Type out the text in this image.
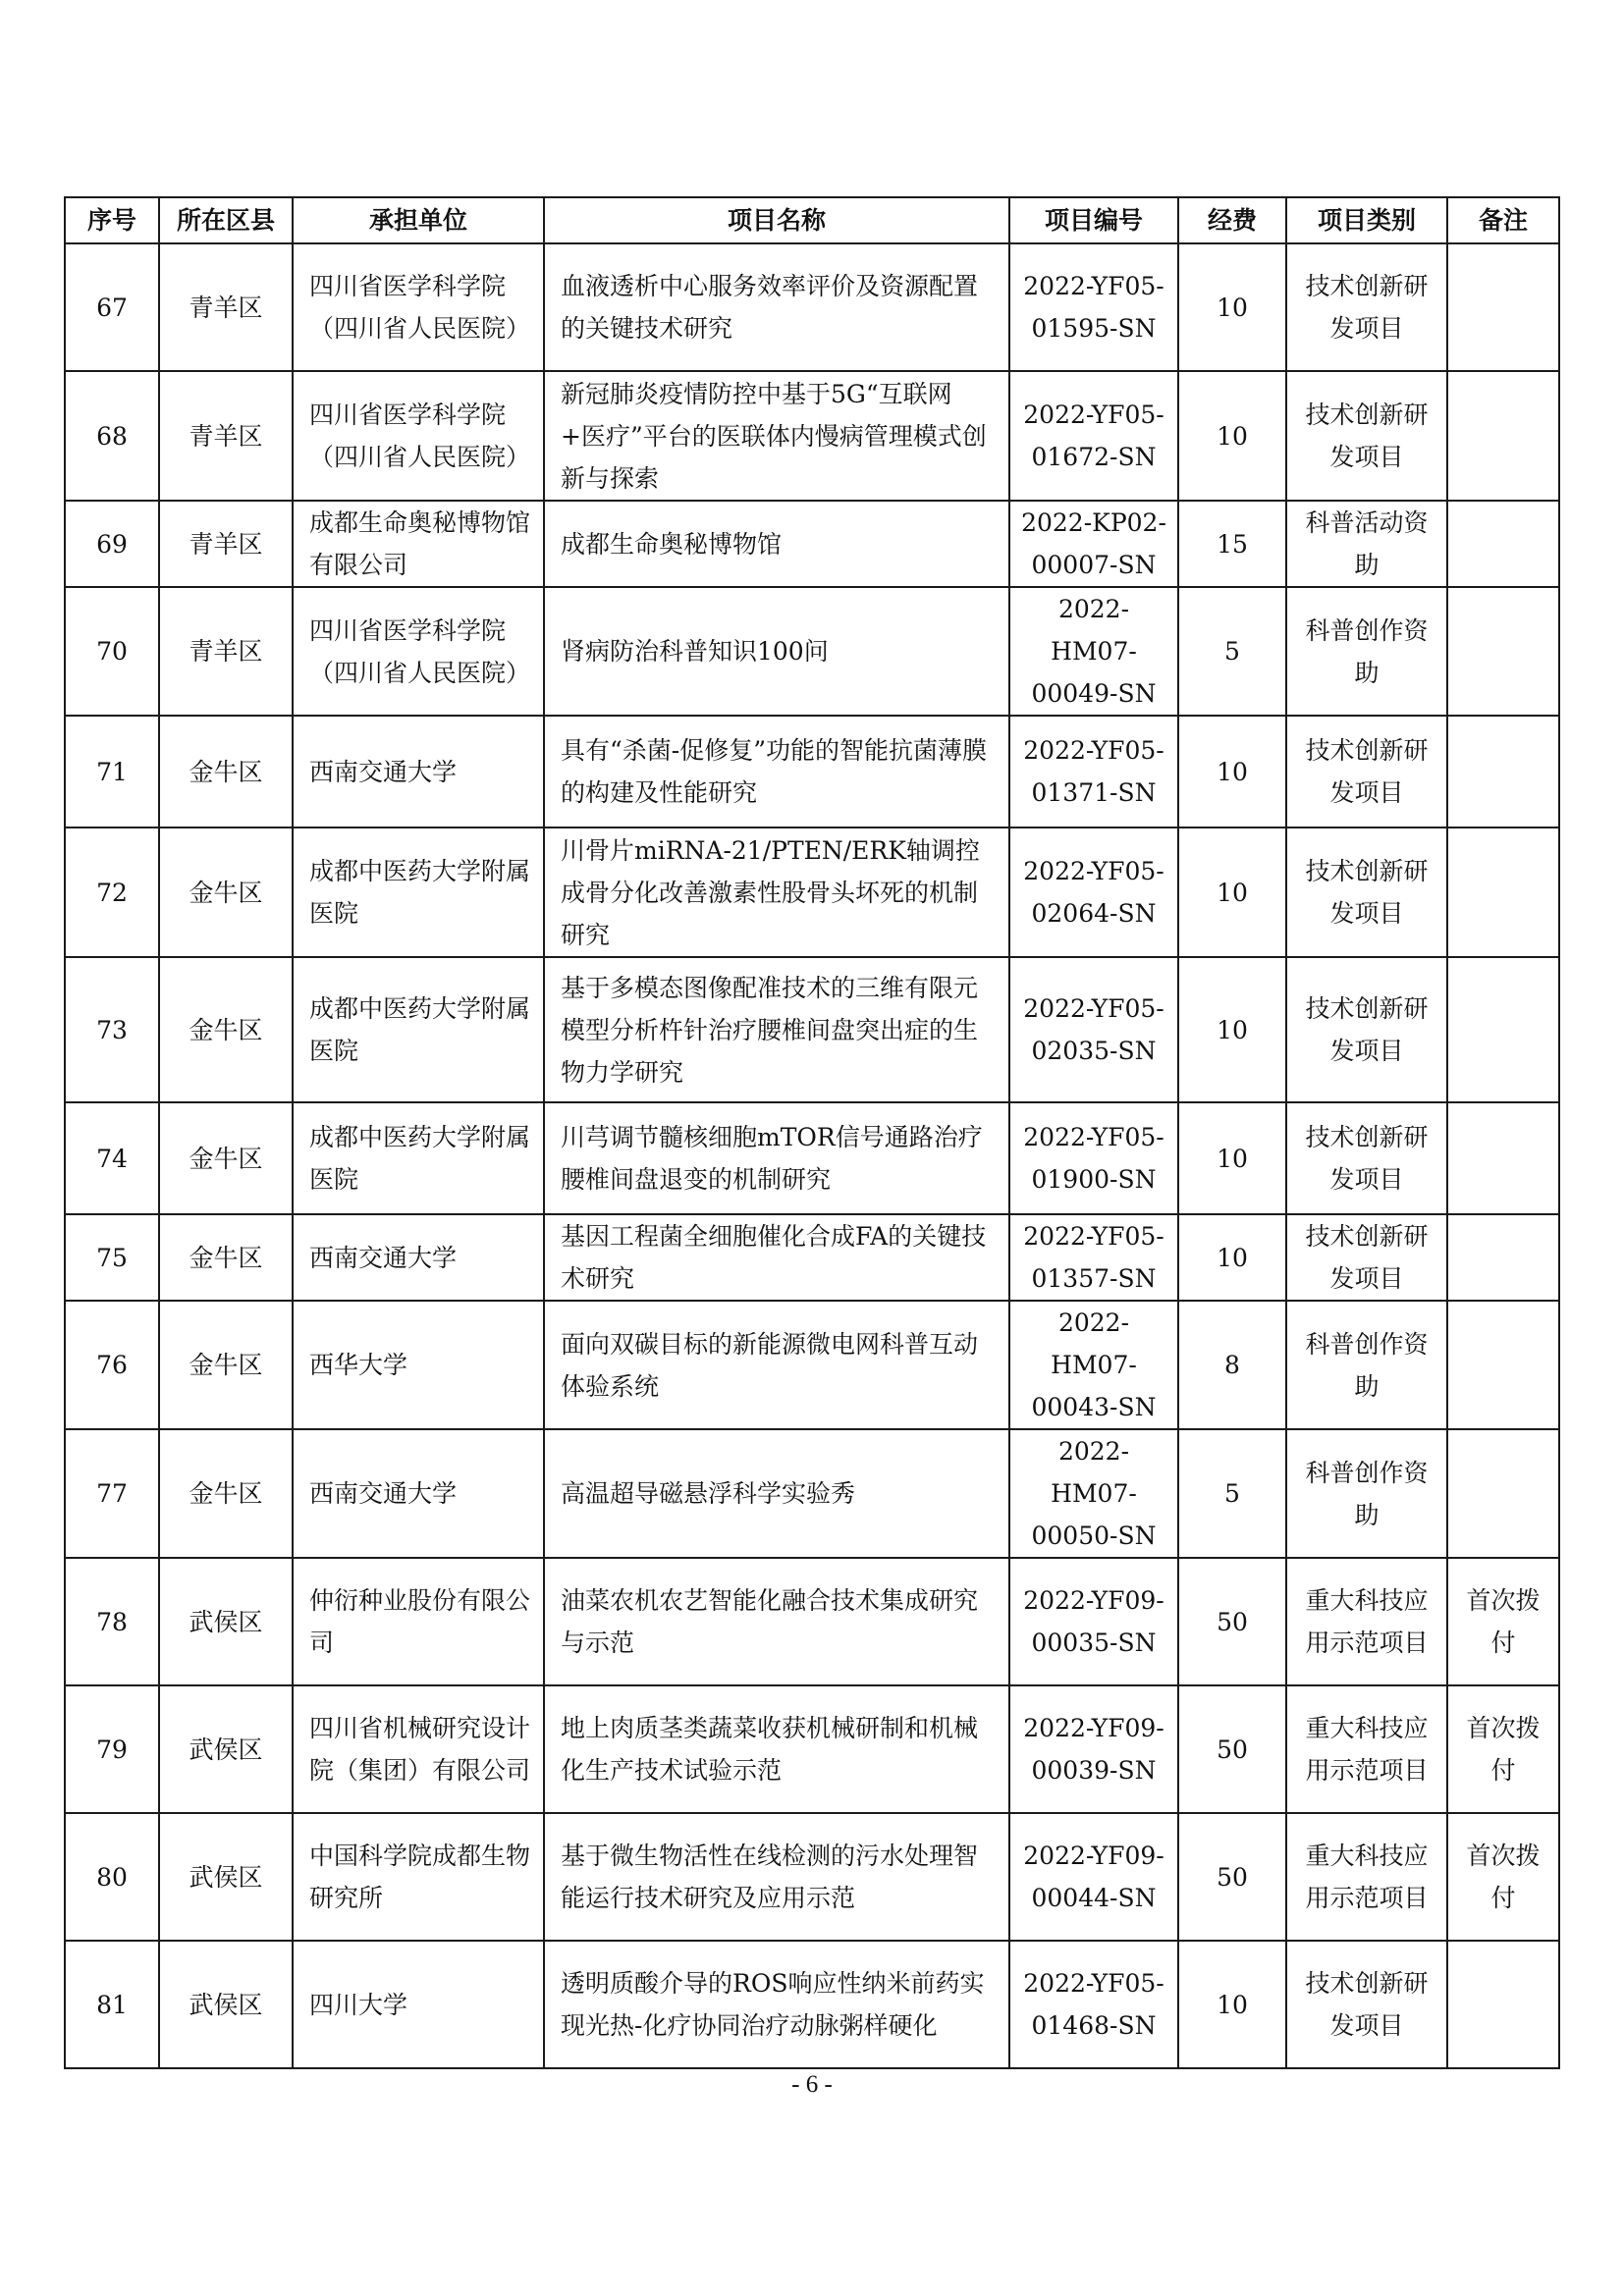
序号	所在区县	承担单位	项目名称	项目编号	经费	项目类别	备注
67	青羊区	四川省医学科学院（四川省人民医院）	血液透析中心服务效率评价及资源配置的关键技术研究	2022-YF05-01595-SN	10	技术创新研发项目	
68	青羊区	四川省医学科学院（四川省人民医院）	新冠肺炎疫情防控中基于5G“互联网+医疗”平台的医联体内慢病管理模式创新与探索	2022-YF05-01672-SN	10	技术创新研发项目	
69	青羊区	成都生命奥秘博物馆有限公司	成都生命奥秘博物馆	2022-KP02-00007-SN	15	科普活动资助	
70	青羊区	四川省医学科学院（四川省人民医院）	肾病防治科普知识100问	2022-HM07-00049-SN	5	科普创作资助	
71	金牛区	西南交通大学	具有“杀菌-促修复”功能的智能抗菌薄膜的构建及性能研究	2022-YF05-01371-SN	10	技术创新研发项目	
72	金牛区	成都中医药大学附属医院	川骨片miRNA-21/PTEN/ERK轴调控成骨分化改善激素性股骨头坏死的机制研究	2022-YF05-02064-SN	10	技术创新研发项目	
73	金牛区	成都中医药大学附属医院	基于多模态图像配准技术的三维有限元模型分析杵针治疗腰椎间盘突出症的生物力学研究	2022-YF05-02035-SN	10	技术创新研发项目	
74	金牛区	成都中医药大学附属医院	川芎调节髓核细胞mTOR信号通路治疗腰椎间盘退变的机制研究	2022-YF05-01900-SN	10	技术创新研发项目	
75	金牛区	西南交通大学	基因工程菌全细胞催化合成FA的关键技术研究	2022-YF05-01357-SN	10	技术创新研发项目	
76	金牛区	西华大学	面向双碳目标的新能源微电网科普互动体验系统	2022-HM07-00043-SN	8	科普创作资助	
77	金牛区	西南交通大学	高温超导磁悬浮科学实验秀	2022-HM07-00050-SN	5	科普创作资助	
78	武侯区	仲衍种业股份有限公司	油菜农机农艺智能化融合技术集成研究与示范	2022-YF09-00035-SN	50	重大科技应用示范项目	首次拨付
79	武侯区	四川省机械研究设计院（集团）有限公司	地上肉质茎类蔬菜收获机械研制和机械化生产技术试验示范	2022-YF09-00039-SN	50	重大科技应用示范项目	首次拨付
80	武侯区	中国科学院成都生物研究所	基于微生物活性在线检测的污水处理智能运行技术研究及应用示范	2022-YF09-00044-SN	50	重大科技应用示范项目	首次拨付
81	武侯区	四川大学	透明质酸介导的ROS响应性纳米前药实现光热-化疗协同治疗动脉粥样硬化	2022-YF05-01468-SN	10	技术创新研发项目	
- 6 -
